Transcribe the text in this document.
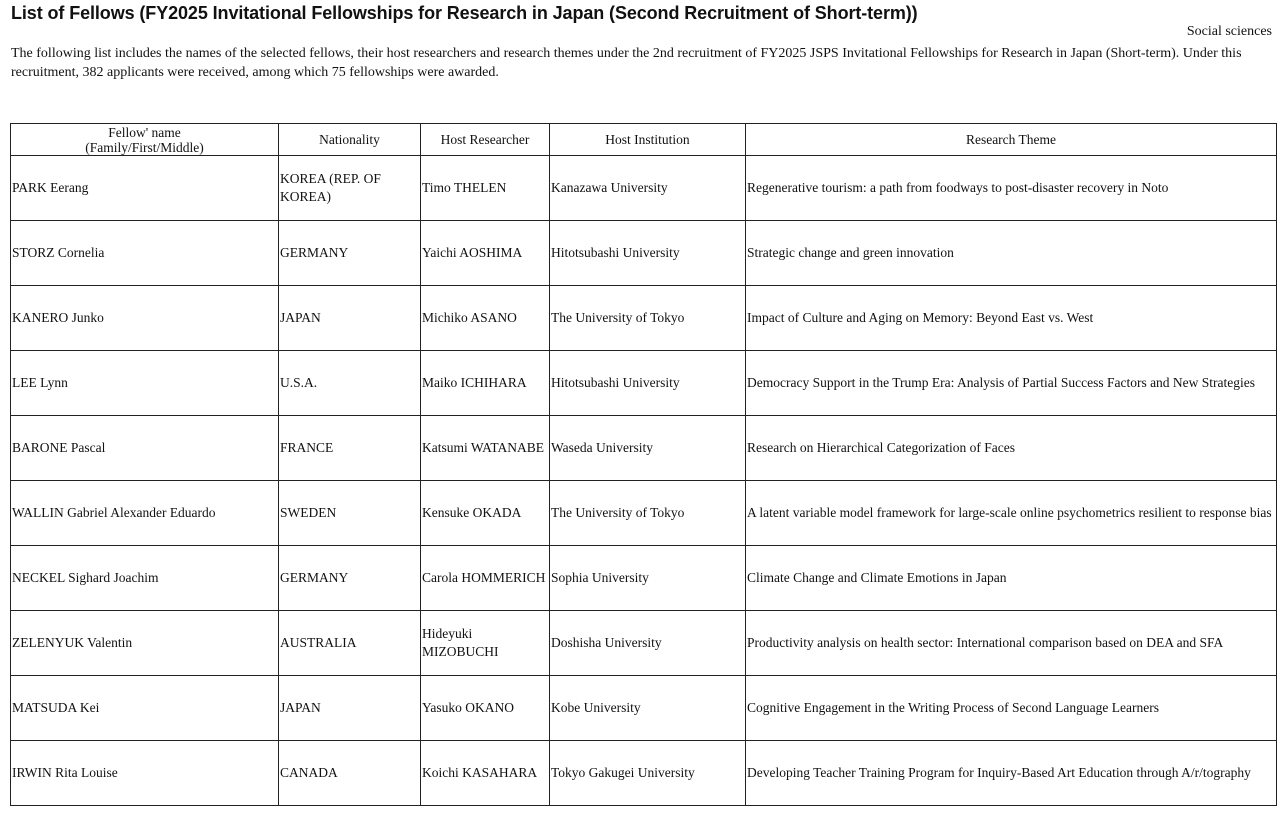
List of Fellows (FY2025 Invitational Fellowships for Research in Japan (Second Recruitment of Short-term))
Social sciences
The following list includes the names of the selected fellows, their host researchers and research themes under the 2nd recruitment of FY2025 JSPS Invitational Fellowships for Research in Japan (Short-term). Under this recruitment, 382 applicants were received, among which 75 fellowships were awarded.
Fellow' name
(Family/First/Middle)	Nationality	Host Researcher	Host Institution	Research Theme
PARK Eerang	KOREA (REP. OF KOREA)	Timo THELEN	Kanazawa University	Regenerative tourism: a path from foodways to post-disaster recovery in Noto
STORZ Cornelia	GERMANY	Yaichi AOSHIMA	Hitotsubashi University	Strategic change and green innovation
KANERO Junko	JAPAN	Michiko ASANO	The University of Tokyo	Impact of Culture and Aging on Memory: Beyond East vs. West
LEE Lynn	U.S.A.	Maiko ICHIHARA	Hitotsubashi University	Democracy Support in the Trump Era: Analysis of Partial Success Factors and New Strategies
BARONE Pascal	FRANCE	Katsumi WATANABE	Waseda University	Research on Hierarchical Categorization of Faces
WALLIN Gabriel Alexander Eduardo	SWEDEN	Kensuke OKADA	The University of Tokyo	A latent variable model framework for large-scale online psychometrics resilient to response bias
NECKEL Sighard Joachim	GERMANY	Carola HOMMERICH	Sophia University	Climate Change and Climate Emotions in Japan
ZELENYUK Valentin	AUSTRALIA	Hideyuki MIZOBUCHI	Doshisha University	Productivity analysis on health sector: International comparison based on DEA and SFA
MATSUDA Kei	JAPAN	Yasuko OKANO	Kobe University	Cognitive Engagement in the Writing Process of Second Language Learners
IRWIN Rita Louise	CANADA	Koichi KASAHARA	Tokyo Gakugei University	Developing Teacher Training Program for Inquiry-Based Art Education through A/r/tography
